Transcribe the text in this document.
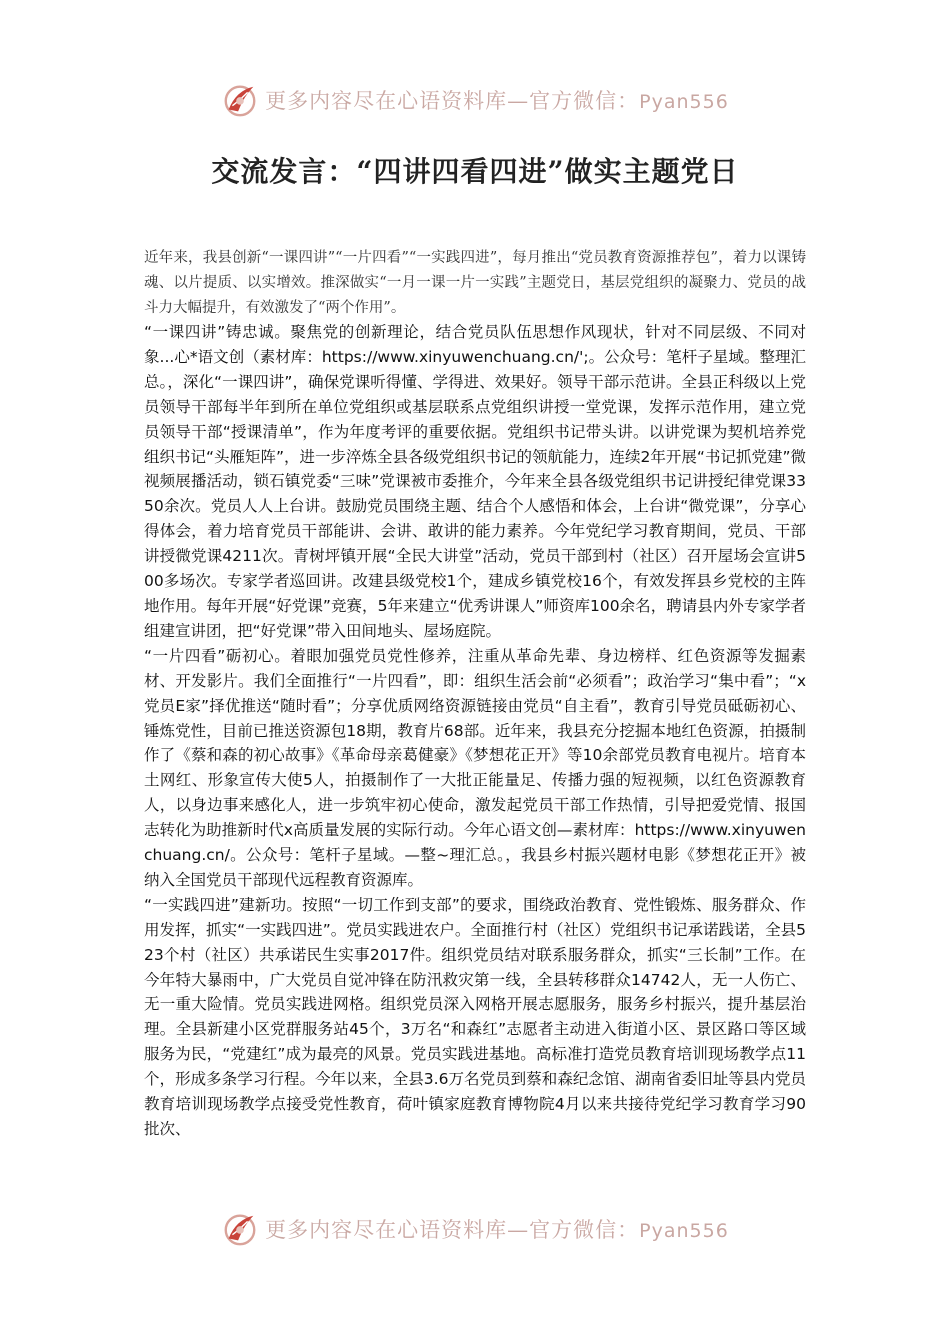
更多内容尽在心语资料库—官方微信：Pyan556
交流发言：“四讲四看四进”做实主题党日

近年来，我县创新“一课四讲”“一片四看”“一实践四进”，每月推出“党员教育资源推荐包”，着力以课铸魂、以片提质、以实增效。推深做实“一月一课一片一实践”主题党日，基层党组织的凝聚力、党员的战斗力大幅提升，有效激发了“两个作用”。

“一课四讲”铸忠诚。聚焦党的创新理论，结合党员队伍思想作风现状，针对不同层级、不同对象...心*语文创（素材库：https://www.xinyuwenchuang.cn/';。公众号：笔杆子星域。整理汇总。，深化“一课四讲”，确保党课听得懂、学得进、效果好。领导干部示范讲。全县正科级以上党员领导干部每半年到所在单位党组织或基层联系点党组织讲授一堂党课，发挥示范作用，建立党员领导干部“授课清单”，作为年度考评的重要依据。党组织书记带头讲。以讲党课为契机培养党组织书记“头雁矩阵”，进一步淬炼全县各级党组织书记的领航能力，连续2年开展“书记抓党建”微视频展播活动，锁石镇党委“三味”党课被市委推介，今年来全县各级党组织书记讲授纪律党课3350余次。党员人人上台讲。鼓励党员围绕主题、结合个人感悟和体会，上台讲“微党课”，分享心得体会，着力培育党员干部能讲、会讲、敢讲的能力素养。今年党纪学习教育期间，党员、干部讲授微党课4211次。青树坪镇开展“全民大讲堂”活动，党员干部到村（社区）召开屋场会宣讲500多场次。专家学者巡回讲。改建县级党校1个，建成乡镇党校16个，有效发挥县乡党校的主阵地作用。每年开展“好党课”竞赛，5年来建立“优秀讲课人”师资库100余名，聘请县内外专家学者组建宣讲团，把“好党课”带入田间地头、屋场庭院。

“一片四看”砺初心。着眼加强党员党性修养，注重从革命先辈、身边榜样、红色资源等发掘素材、开发影片。我们全面推行“一片四看”，即：组织生活会前“必须看”；政治学习“集中看”；“x党员E家”择优推送“随时看”；分享优质网络资源链接由党员“自主看”，教育引导党员砥砺初心、锤炼党性，目前已推送资源包18期，教育片68部。近年来，我县充分挖掘本地红色资源，拍摄制作了《蔡和森的初心故事》《革命母亲葛健豪》《梦想花正开》等10余部党员教育电视片。培育本土网红、形象宣传大使5人，拍摄制作了一大批正能量足、传播力强的短视频，以红色资源教育人，以身边事来感化人，进一步筑牢初心使命，激发起党员干部工作热情，引导把爱党情、报国志转化为助推新时代x高质量发展的实际行动。今年心语文创—素材库：https://www.xinyuwenchuang.cn/。公众号：笔杆子星域。—整~理汇总。，我县乡村振兴题材电影《梦想花正开》被纳入全国党员干部现代远程教育资源库。

“一实践四进”建新功。按照“一切工作到支部”的要求，围绕政治教育、党性锻炼、服务群众、作用发挥，抓实“一实践四进”。党员实践进农户。全面推行村（社区）党组织书记承诺践诺，全县523个村（社区）共承诺民生实事2017件。组织党员结对联系服务群众，抓实“三长制”工作。在今年特大暴雨中，广大党员自觉冲锋在防汛救灾第一线，全县转移群众14742人，无一人伤亡、无一重大险情。党员实践进网格。组织党员深入网格开展志愿服务，服务乡村振兴，提升基层治理。全县新建小区党群服务站45个，3万名“和森红”志愿者主动进入街道小区、景区路口等区域服务为民，“党建红”成为最亮的风景。党员实践进基地。高标准打造党员教育培训现场教学点11个，形成多条学习行程。今年以来，全县3.6万名党员到蔡和森纪念馆、湖南省委旧址等县内党员教育培训现场教学点接受党性教育，荷叶镇家庭教育博物院4月以来共接待党纪学习教育学习90批次、

更多内容尽在心语资料库—官方微信：Pyan556
